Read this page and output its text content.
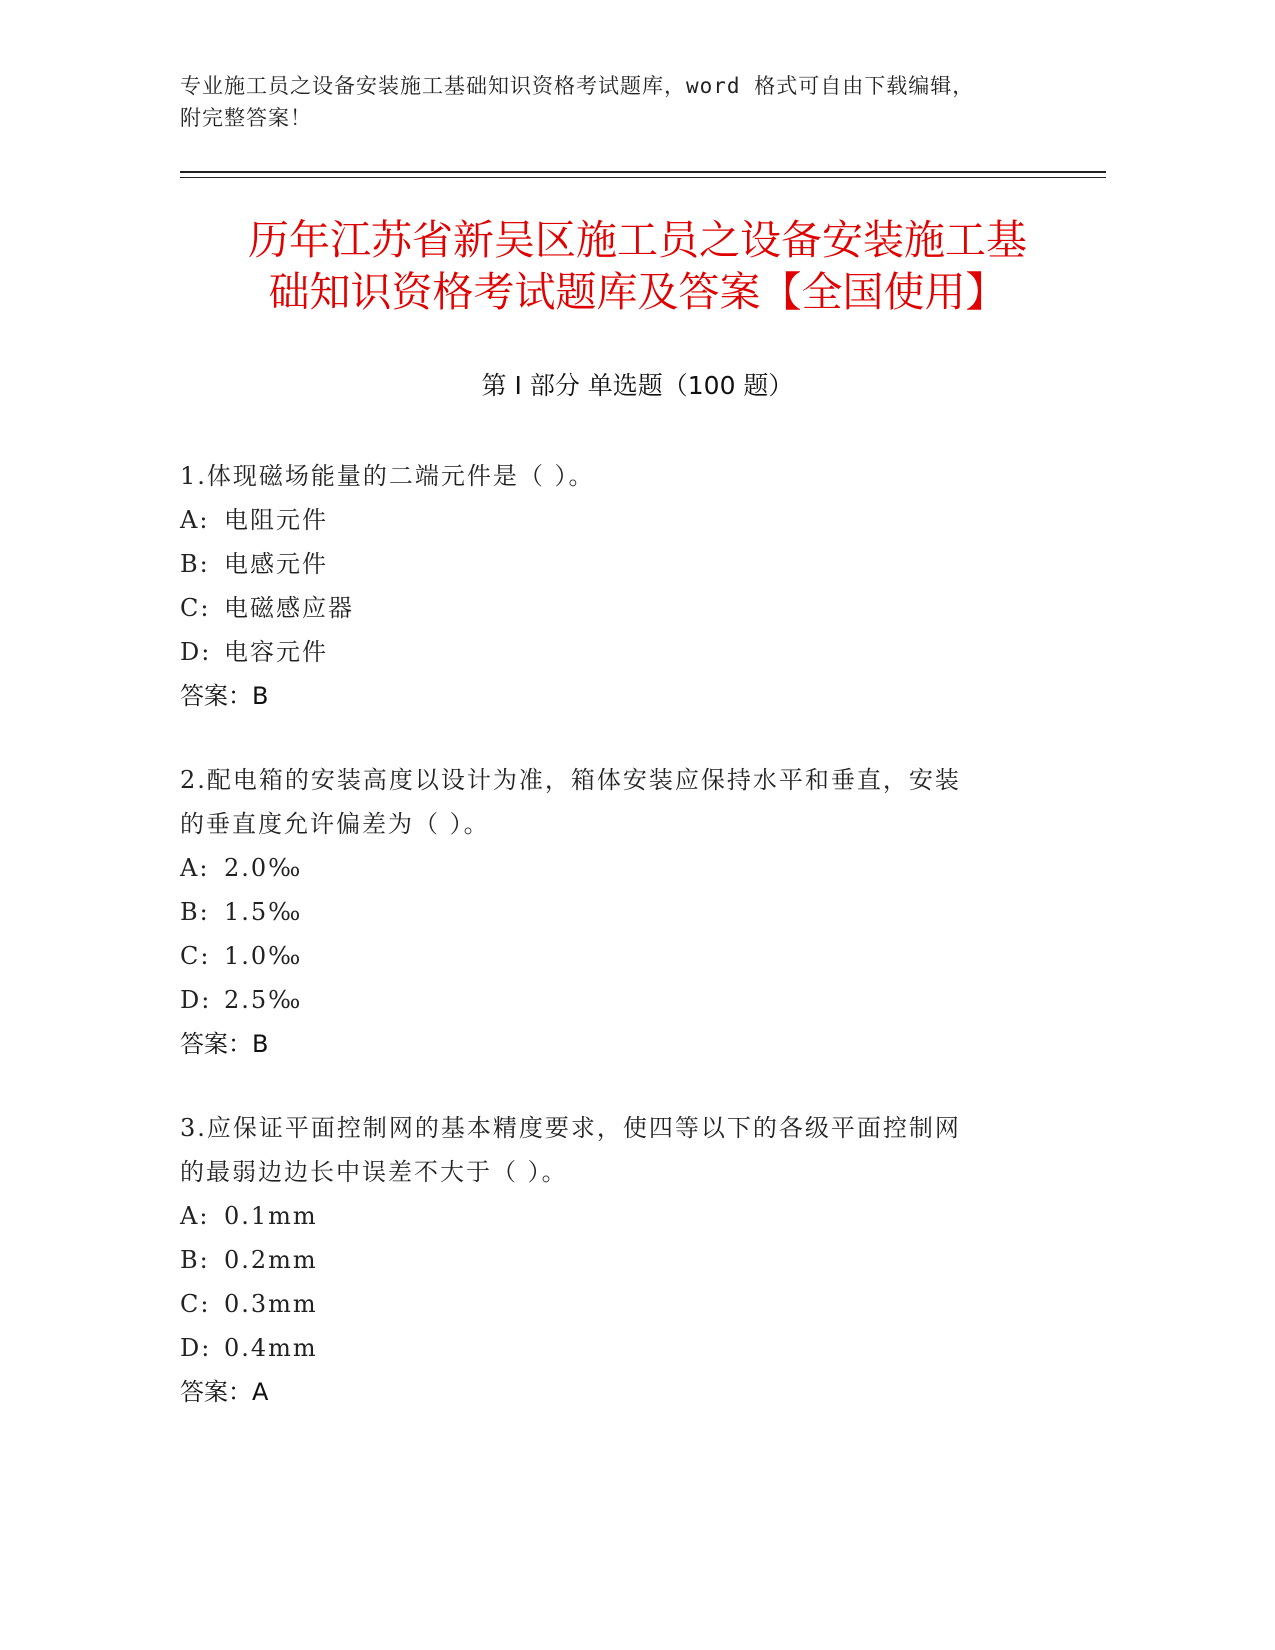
专业施工员之设备安装施工基础知识资格考试题库，word 格式可自由下载编辑，
附完整答案！
历年江苏省新吴区施工员之设备安装施工基
础知识资格考试题库及答案【全国使用】
第 I 部分 单选题（100 题）
1.体现磁场能量的二端元件是（ ）。
A: 电阻元件
B: 电感元件
C: 电磁感应器
D: 电容元件
答案：B
2.配电箱的安装高度以设计为准，箱体安装应保持水平和垂直，安装
的垂直度允许偏差为（ ）。
A: 2.0‰
B: 1.5‰
C: 1.0‰
D: 2.5‰
答案：B
3.应保证平面控制网的基本精度要求，使四等以下的各级平面控制网
的最弱边边长中误差不大于（ ）。
A: 0.1mm
B: 0.2mm
C: 0.3mm
D: 0.4mm
答案：A
